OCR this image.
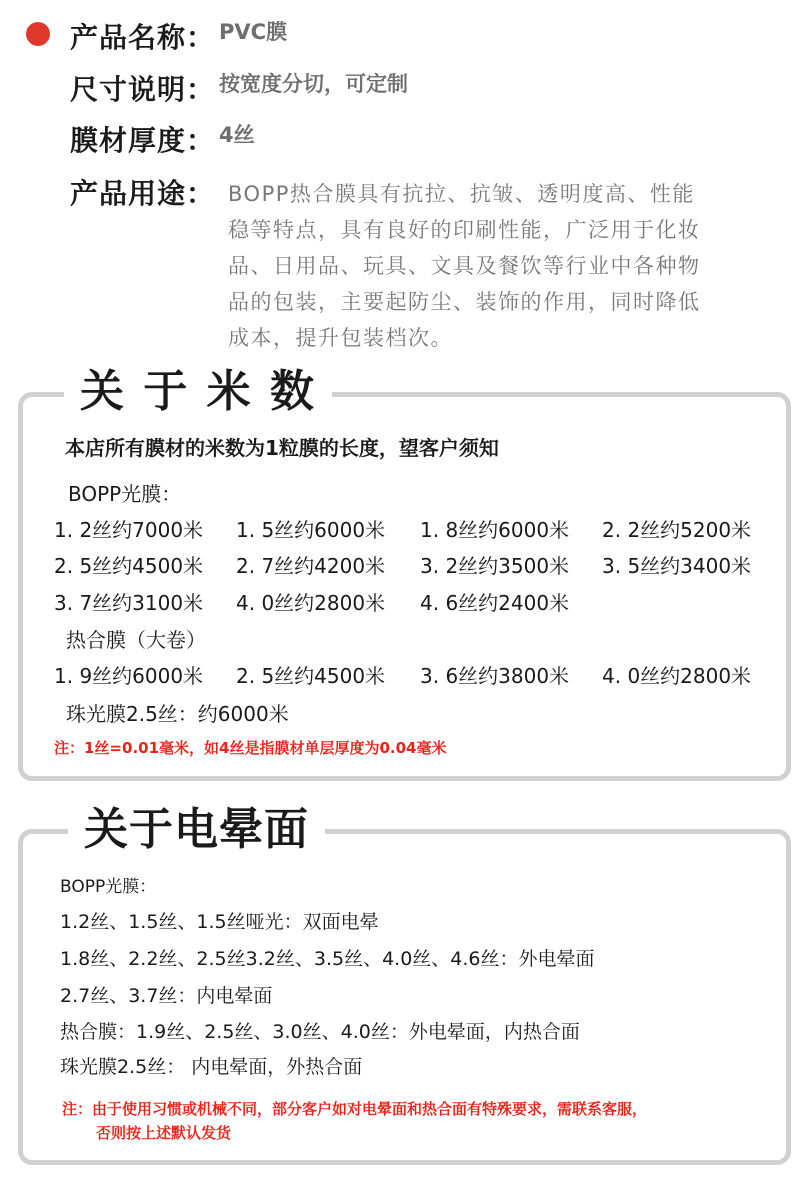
产品名称： PVC膜
尺寸说明： 按宽度分切，可定制
膜材厚度： 4丝
产品用途： BOPP热合膜具有抗拉、抗皱、透明度高、性能
稳等特点，具有良好的印刷性能，广泛用于化妆
品、日用品、玩具、文具及餐饮等行业中各种物
品的包装，主要起防尘、装饰的作用，同时降低
成本，提升包装档次。
关 于 米 数
本店所有膜材的米数为1粒膜的长度，望客户须知
BOPP光膜：
1. 2丝约7000米 1. 5丝约6000米 1. 8丝约6000米 2. 2丝约5200米
2. 5丝约4500米 2. 7丝约4200米 3. 2丝约3500米 3. 5丝约3400米
3. 7丝约3100米 4. 0丝约2800米 4. 6丝约2400米
热合膜（大卷）
1. 9丝约6000米 2. 5丝约4500米 3. 6丝约3800米 4. 0丝约2800米
珠光膜2.5丝：约6000米
注：1丝=0.01毫米，如4丝是指膜材单层厚度为0.04毫米
关于电晕面
BOPP光膜：
1.2丝、1.5丝、1.5丝哑光：双面电晕
1.8丝、2.2丝、2.5丝3.2丝、3.5丝、4.0丝、4.6丝：外电晕面
2.7丝、3.7丝：内电晕面
热合膜：1.9丝、2.5丝、3.0丝、4.0丝：外电晕面，内热合面
珠光膜2.5丝： 内电晕面，外热合面
注：由于使用习惯或机械不同，部分客户如对电晕面和热合面有特殊要求，需联系客服，
否则按上述默认发货
